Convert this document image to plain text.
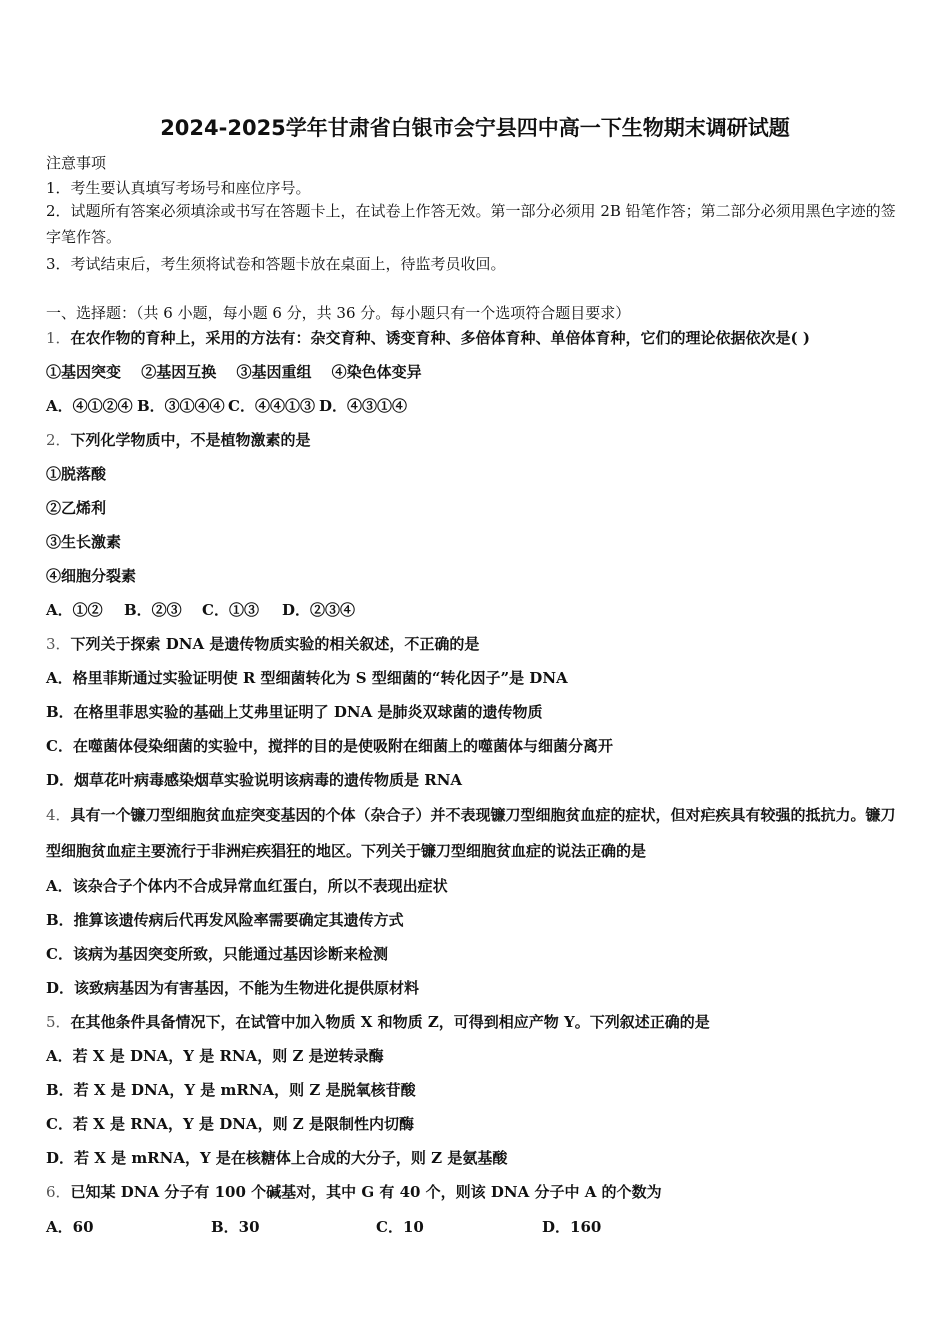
2024-2025学年甘肃省白银市会宁县四中高一下生物期末调研试题
注意事项
1．考生要认真填写考场号和座位序号。
2．试题所有答案必须填涂或书写在答题卡上，在试卷上作答无效。第一部分必须用 2B 铅笔作答；第二部分必须用黑色字迹的签字笔作答。
3．考试结束后，考生须将试卷和答题卡放在桌面上，待监考员收回。
一、选择题：（共 6 小题，每小题 6 分，共 36 分。每小题只有一个选项符合题目要求）
1．在农作物的育种上，采用的方法有：杂交育种、诱变育种、多倍体育种、单倍体育种，它们的理论依据依次是( )
①基因突变　 ②基因互换　 ③基因重组　 ④染色体变异
A．④①②④ B．③①④④ C．④④①③ D．④③①④
2．下列化学物质中，不是植物激素的是
①脱落酸
②乙烯利
③生长激素
④细胞分裂素
A．①② B．②③ C．①③ D．②③④
3．下列关于探索 DNA 是遗传物质实验的相关叙述，不正确的是
A．格里菲斯通过实验证明使 R 型细菌转化为 S 型细菌的“转化因子”是 DNA
B．在格里菲思实验的基础上艾弗里证明了 DNA 是肺炎双球菌的遗传物质
C．在噬菌体侵染细菌的实验中，搅拌的目的是使吸附在细菌上的噬菌体与细菌分离开
D．烟草花叶病毒感染烟草实验说明该病毒的遗传物质是 RNA
4．具有一个镰刀型细胞贫血症突变基因的个体（杂合子）并不表现镰刀型细胞贫血症的症状，但对疟疾具有较强的抵抗力。镰刀型细胞贫血症主要流行于非洲疟疾猖狂的地区。下列关于镰刀型细胞贫血症的说法正确的是
A．该杂合子个体内不合成异常血红蛋白，所以不表现出症状
B．推算该遗传病后代再发风险率需要确定其遗传方式
C．该病为基因突变所致，只能通过基因诊断来检测
D．该致病基因为有害基因，不能为生物进化提供原材料
5．在其他条件具备情况下，在试管中加入物质 X 和物质 Z，可得到相应产物 Y。下列叙述正确的是
A．若 X 是 DNA，Y 是 RNA，则 Z 是逆转录酶
B．若 X 是 DNA，Y 是 mRNA，则 Z 是脱氧核苷酸
C．若 X 是 RNA，Y 是 DNA，则 Z 是限制性内切酶
D．若 X 是 mRNA，Y 是在核糖体上合成的大分子，则 Z 是氨基酸
6．已知某 DNA 分子有 100 个碱基对，其中 G 有 40 个，则该 DNA 分子中 A 的个数为
A．60	B．30	C．10	D．160
